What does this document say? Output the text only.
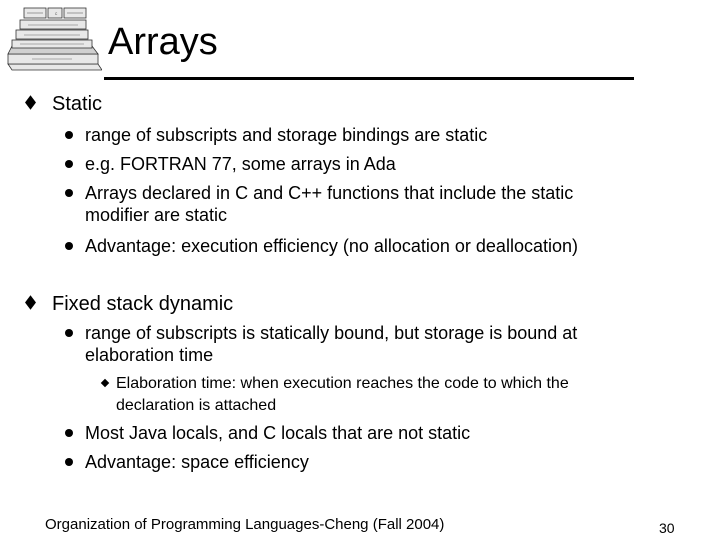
C
Arrays
Static
range of subscripts and storage bindings are static
e.g. FORTRAN 77, some arrays in Ada
Arrays declared in C and C++ functions that include the static modifier are static
Advantage: execution efficiency (no allocation or deallocation)
Fixed stack dynamic
range of subscripts is statically bound, but storage is bound at elaboration time
Elaboration time: when execution reaches the code to which the declaration is attached
Most Java locals, and C locals that are not static
Advantage: space efficiency
Organization of Programming Languages-Cheng (Fall 2004)	30
